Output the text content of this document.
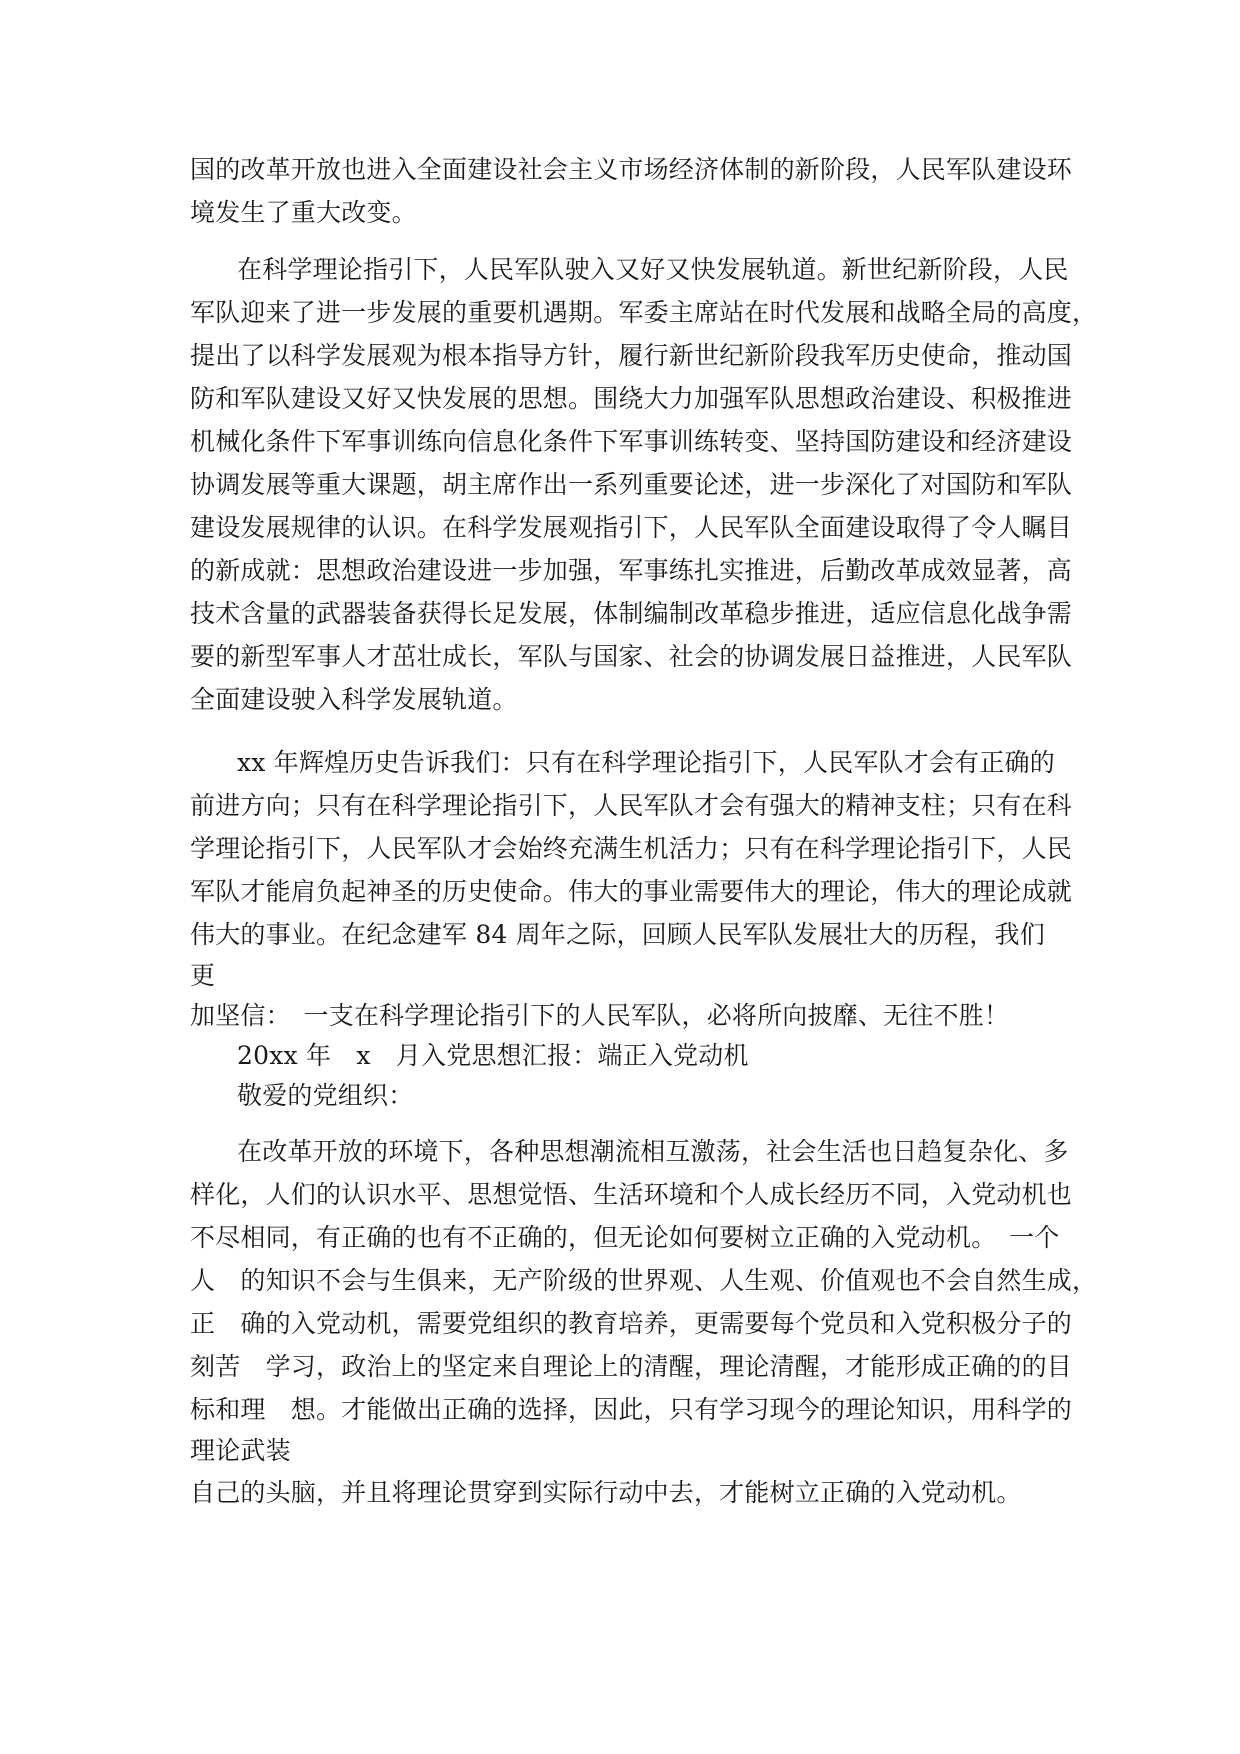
国的改革开放也进入全面建设社会主义市场经济体制的新阶段，人民军队建设环
境发生了重大改变。
在科学理论指引下，人民军队驶入又好又快发展轨道。新世纪新阶段，人民
军队迎来了进一步发展的重要机遇期。军委主席站在时代发展和战略全局的高度，
提出了以科学发展观为根本指导方针，履行新世纪新阶段我军历史使命，推动国
防和军队建设又好又快发展的思想。围绕大力加强军队思想政治建设、积极推进
机械化条件下军事训练向信息化条件下军事训练转变、坚持国防建设和经济建设
协调发展等重大课题，胡主席作出一系列重要论述，进一步深化了对国防和军队
建设发展规律的认识。在科学发展观指引下，人民军队全面建设取得了令人瞩目
的新成就：思想政治建设进一步加强，军事练扎实推进，后勤改革成效显著，高
技术含量的武器装备获得长足发展，体制编制改革稳步推进，适应信息化战争需
要的新型军事人才茁壮成长，军队与国家、社会的协调发展日益推进，人民军队
全面建设驶入科学发展轨道。
xx 年辉煌历史告诉我们：只有在科学理论指引下，人民军队才会有正确的
前进方向；只有在科学理论指引下，人民军队才会有强大的精神支柱；只有在科
学理论指引下，人民军队才会始终充满生机活力；只有在科学理论指引下，人民
军队才能肩负起神圣的历史使命。伟大的事业需要伟大的理论，伟大的理论成就
伟大的事业。在纪念建军 84 周年之际，回顾人民军队发展壮大的历程，我们
更
加坚信：　一支在科学理论指引下的人民军队，必将所向披靡、无往不胜！
20xx 年　x　月入党思想汇报：端正入党动机
敬爱的党组织：
在改革开放的环境下，各种思想潮流相互激荡，社会生活也日趋复杂化、多
样化，人们的认识水平、思想觉悟、生活环境和个人成长经历不同，入党动机也
不尽相同，有正确的也有不正确的，但无论如何要树立正确的入党动机。　一个
人　的知识不会与生俱来，无产阶级的世界观、人生观、价值观也不会自然生成，
正　确的入党动机，需要党组织的教育培养，更需要每个党员和入党积极分子的
刻苦　学习，政治上的坚定来自理论上的清醒，理论清醒，才能形成正确的的目
标和理　想。才能做出正确的选择，因此，只有学习现今的理论知识，用科学的
理论武装
自己的头脑，并且将理论贯穿到实际行动中去，才能树立正确的入党动机。
